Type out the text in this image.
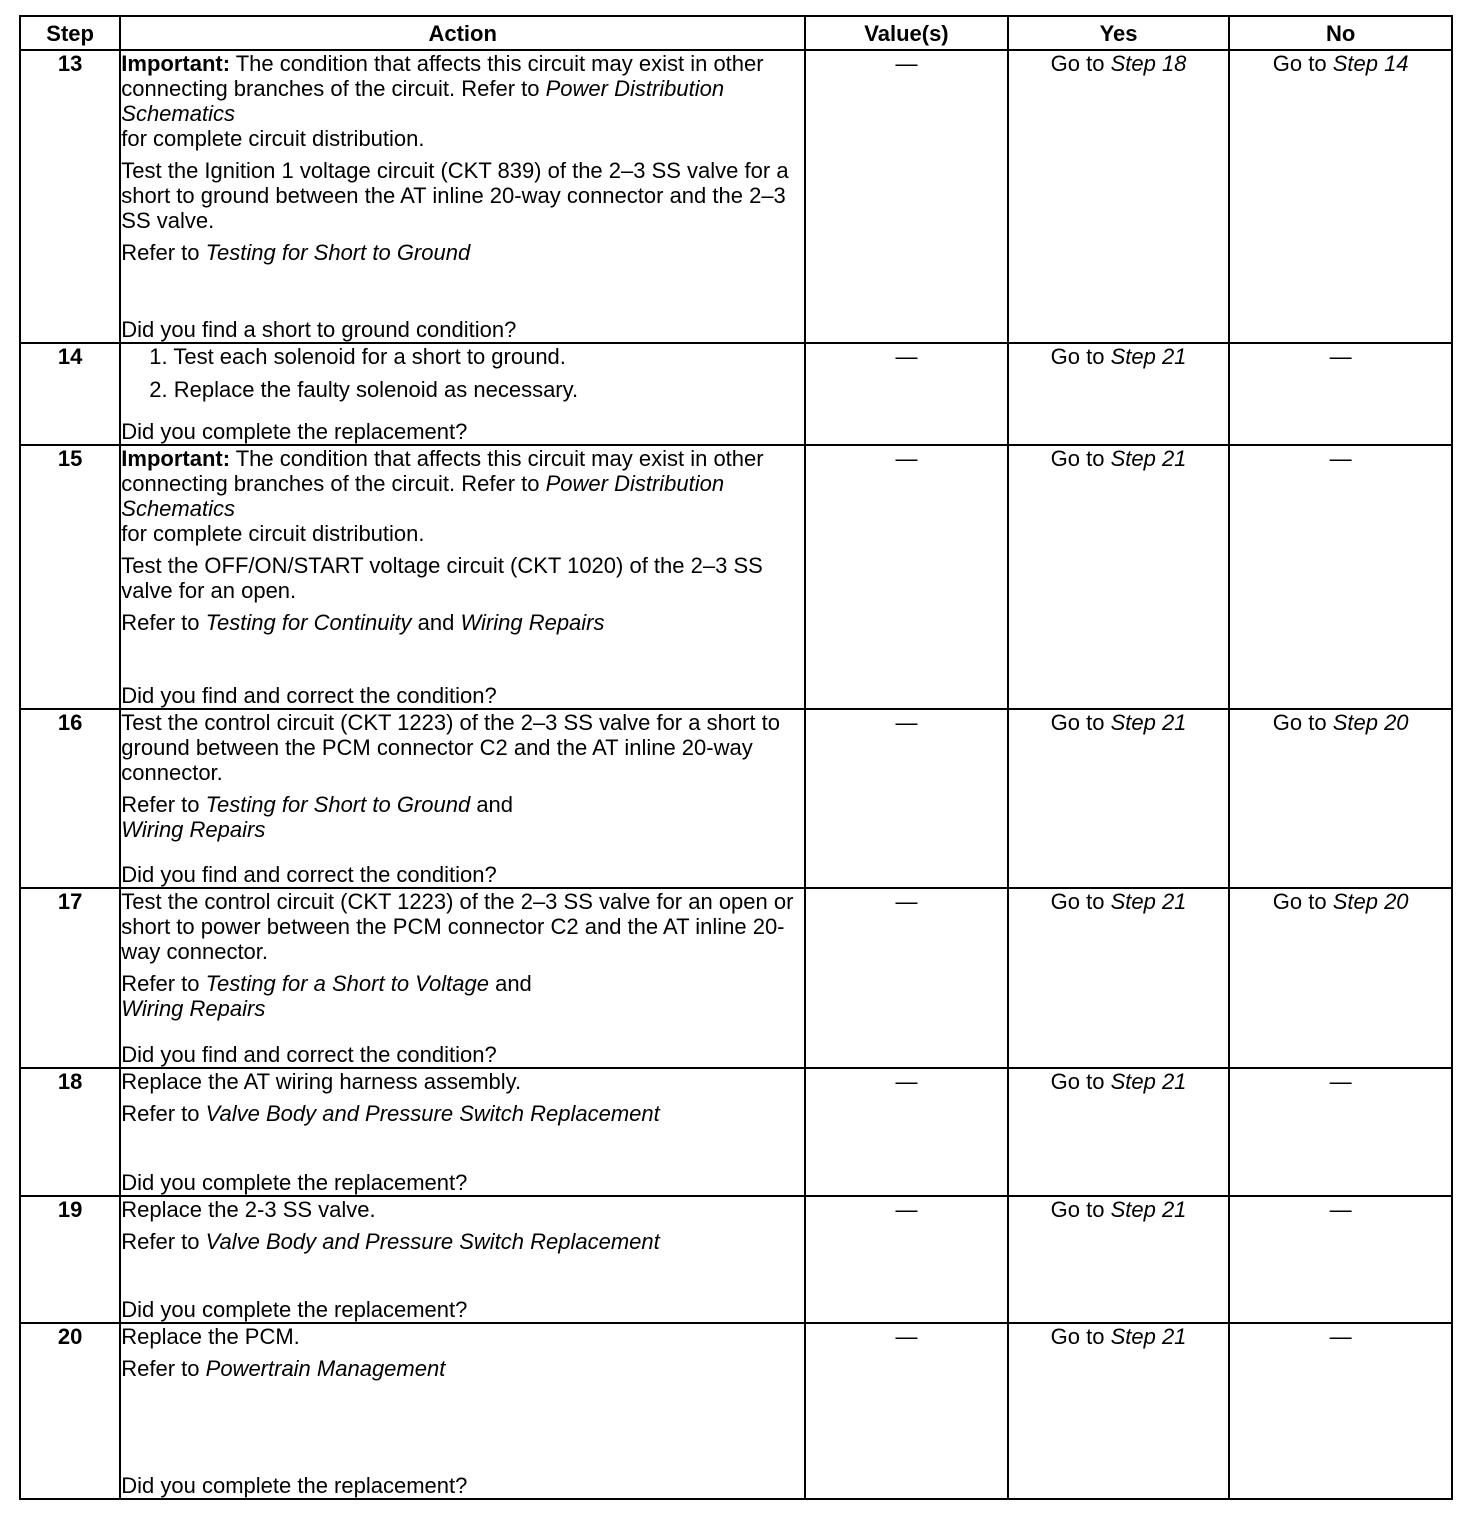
Step	Action	Value(s)	Yes	No
13	Important: The condition that affects this circuit may exist in other connecting branches of the circuit. Refer to Power Distribution Schematics
for complete circuit distribution.

Test the Ignition 1 voltage circuit (CKT 839) of the 2–3 SS valve for a short to ground between the AT inline 20-way connector and the 2–3 SS valve.

Refer to Testing for Short to Ground

Did you find a short to ground condition?	—	Go to Step 18	Go to Step 14
14	1. Test each solenoid for a short to ground.
2. Replace the faulty solenoid as necessary.

Did you complete the replacement?	—	Go to Step 21	—
15	Important: The condition that affects this circuit may exist in other connecting branches of the circuit. Refer to Power Distribution Schematics
for complete circuit distribution.

Test the OFF/ON/START voltage circuit (CKT 1020) of the 2–3 SS valve for an open.

Refer to Testing for Continuity and Wiring Repairs

Did you find and correct the condition?	—	Go to Step 21	—
16	Test the control circuit (CKT 1223) of the 2–3 SS valve for a short to ground between the PCM connector C2 and the AT inline 20-way connector.

Refer to Testing for Short to Ground and
Wiring Repairs

Did you find and correct the condition?	—	Go to Step 21	Go to Step 20
17	Test the control circuit (CKT 1223) of the 2–3 SS valve for an open or short to power between the PCM connector C2 and the AT inline 20-way connector.

Refer to Testing for a Short to Voltage and
Wiring Repairs

Did you find and correct the condition?	—	Go to Step 21	Go to Step 20
18	Replace the AT wiring harness assembly.

Refer to Valve Body and Pressure Switch Replacement

Did you complete the replacement?	—	Go to Step 21	—
19	Replace the 2-3 SS valve.

Refer to Valve Body and Pressure Switch Replacement

Did you complete the replacement?	—	Go to Step 21	—
20	Replace the PCM.

Refer to Powertrain Management

Did you complete the replacement?	—	Go to Step 21	—
